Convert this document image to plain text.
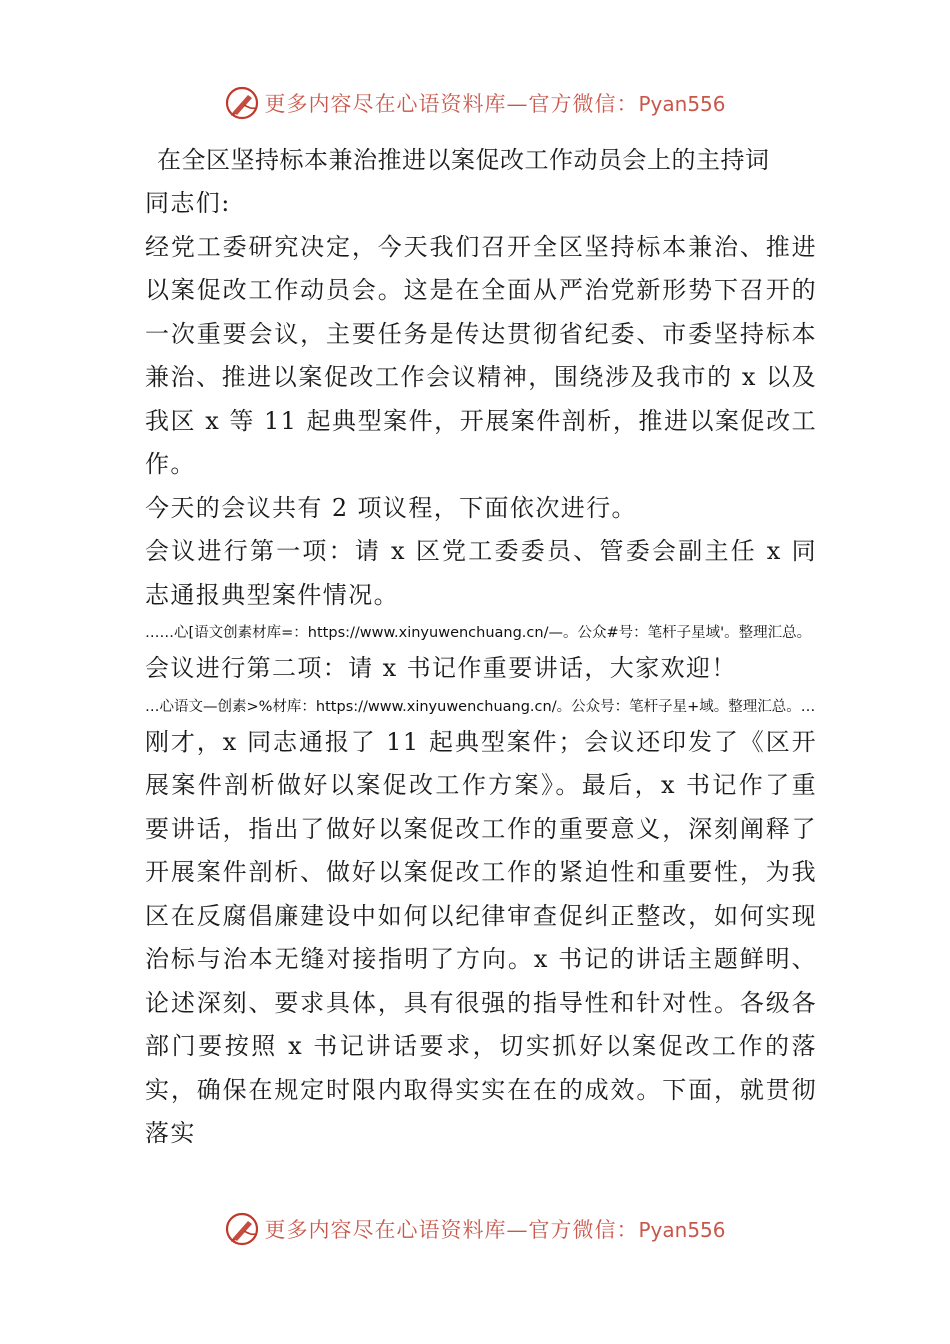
更多内容尽在心语资料库—官方微信：Pyan556
在全区坚持标本兼治推进以案促改工作动员会上的主持词

同志们:

经党工委研究决定，今天我们召开全区坚持标本兼治、推进以案促改工作动员会。这是在全面从严治党新形势下召开的一次重要会议，主要任务是传达贯彻省纪委、市委坚持标本兼治、推进以案促改工作会议精神，围绕涉及我市的 x 以及我区 x 等 11 起典型案件，开展案件剖析，推进以案促改工作。

今天的会议共有 2 项议程，下面依次进行。

会议进行第一项：请 x 区党工委委员、管委会副主任 x 同志通报典型案件情况。

……心[语文创素材库=：https://www.xinyuwenchuang.cn/—。公众#号：笔杆子星域'。整理汇总。

会议进行第二项：请 x 书记作重要讲话，大家欢迎！

…心语文—创素>%材库：https://www.xinyuwenchuang.cn/。公众号：笔杆子星+域。整理汇总。…

刚才，x 同志通报了 11 起典型案件；会议还印发了《区开展案件剖析做好以案促改工作方案》。最后，x 书记作了重要讲话，指出了做好以案促改工作的重要意义，深刻阐释了开展案件剖析、做好以案促改工作的紧迫性和重要性，为我区在反腐倡廉建设中如何以纪律审查促纠正整改，如何实现治标与治本无缝对接指明了方向。x 书记的讲话主题鲜明、论述深刻、要求具体，具有很强的指导性和针对性。各级各部门要按照 x 书记讲话要求，切实抓好以案促改工作的落实，确保在规定时限内取得实实在在的成效。下面，就贯彻落实

更多内容尽在心语资料库—官方微信：Pyan556
